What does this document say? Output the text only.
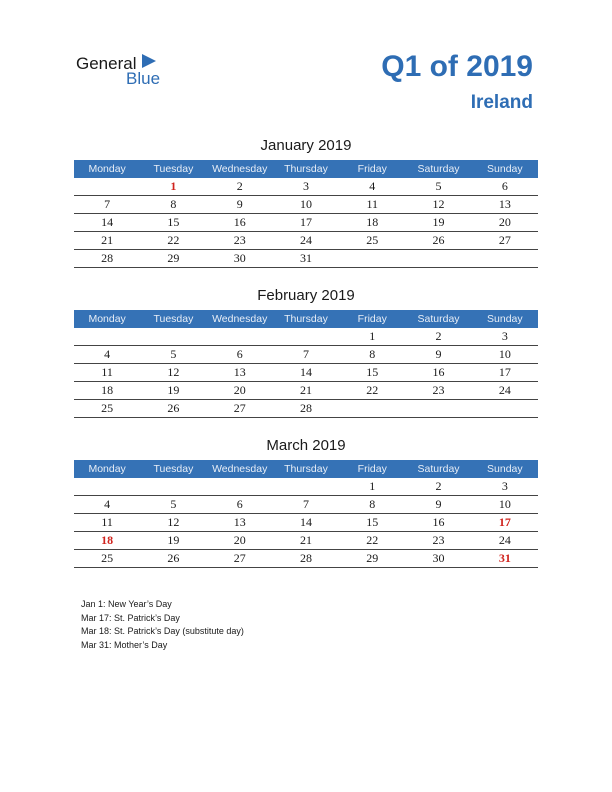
General
Blue	Q1 of 2019
Ireland
January 2019
Monday	Tuesday	Wednesday	Thursday	Friday	Saturday	Sunday
	1	2	3	4	5	6
7	8	9	10	11	12	13
14	15	16	17	18	19	20
21	22	23	24	25	26	27
28	29	30	31			
February 2019
Monday	Tuesday	Wednesday	Thursday	Friday	Saturday	Sunday
				1	2	3
4	5	6	7	8	9	10
11	12	13	14	15	16	17
18	19	20	21	22	23	24
25	26	27	28			
March 2019
Monday	Tuesday	Wednesday	Thursday	Friday	Saturday	Sunday
				1	2	3
4	5	6	7	8	9	10
11	12	13	14	15	16	17
18	19	20	21	22	23	24
25	26	27	28	29	30	31
Jan 1: New Year’s Day
Mar 17: St. Patrick’s Day
Mar 18: St. Patrick’s Day (substitute day)
Mar 31: Mother’s Day
